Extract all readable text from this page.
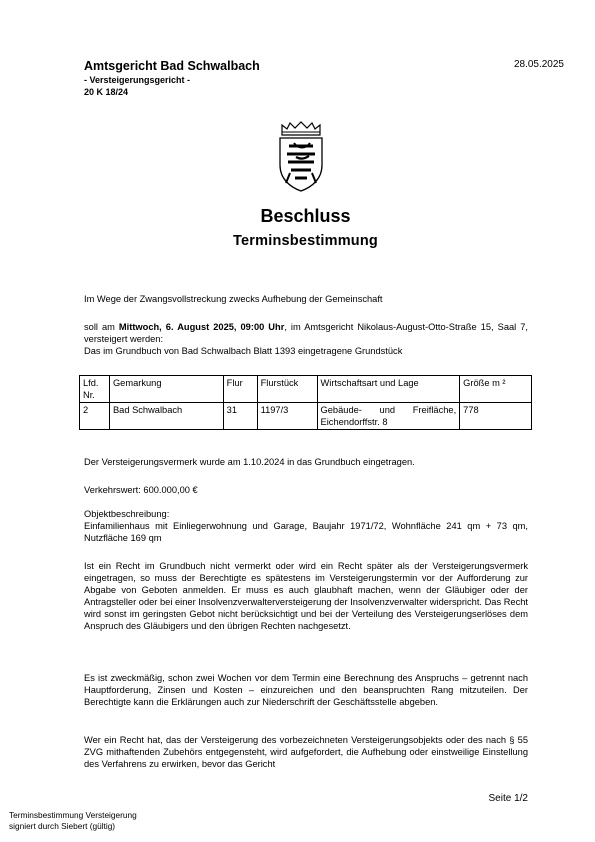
Amtsgericht Bad Schwalbach
- Versteigerungsgericht -
20 K 18/24
28.05.2025
Beschluss
Terminsbestimmung
Im Wege der Zwangsvollstreckung zwecks Aufhebung der Gemeinschaft
soll am Mittwoch, 6. August 2025, 09:00 Uhr, im Amtsgericht Nikolaus-August-Otto-Straße 15, Saal 7, versteigert werden:
Das im Grundbuch von Bad Schwalbach Blatt 1393 eingetragene Grundstück
Lfd. Nr.	Gemarkung	Flur	Flurstück	Wirtschaftsart und Lage	Größe m ²
2	Bad Schwalbach	31	1197/3	Gebäude- und Freifläche, Eichendorffstr. 8	778
Der Versteigerungsvermerk wurde am 1.10.2024 in das Grundbuch eingetragen.
Verkehrswert: 600.000,00 €
Objektbeschreibung:
Einfamilienhaus mit Einliegerwohnung und Garage, Baujahr 1971/72, Wohnfläche 241 qm + 73 qm, Nutzfläche 169 qm
Ist ein Recht im Grundbuch nicht vermerkt oder wird ein Recht später als der Versteigerungsvermerk eingetragen, so muss der Berechtigte es spätestens im Versteigerungstermin vor der Aufforderung zur Abgabe von Geboten anmelden. Er muss es auch glaubhaft machen, wenn der Gläubiger oder der Antragsteller oder bei einer Insolvenzverwalterversteigerung der Insolvenzverwalter widerspricht. Das Recht wird sonst im geringsten Gebot nicht berücksichtigt und bei der Verteilung des Versteigerungserlöses dem Anspruch des Gläubigers und den übrigen Rechten nachgesetzt.
Es ist zweckmäßig, schon zwei Wochen vor dem Termin eine Berechnung des Anspruchs – getrennt nach Hauptforderung, Zinsen und Kosten – einzureichen und den beanspruchten Rang mitzuteilen. Der Berechtigte kann die Erklärungen auch zur Niederschrift der Geschäftsstelle abgeben.
Wer ein Recht hat, das der Versteigerung des vorbezeichneten Versteigerungsobjekts oder des nach § 55 ZVG mithaftenden Zubehörs entgegensteht, wird aufgefordert, die Aufhebung oder einstweilige Einstellung des Verfahrens zu erwirken, bevor das Gericht
Seite 1/2
Terminsbestimmung Versteigerung
signiert durch Siebert (gültig)
